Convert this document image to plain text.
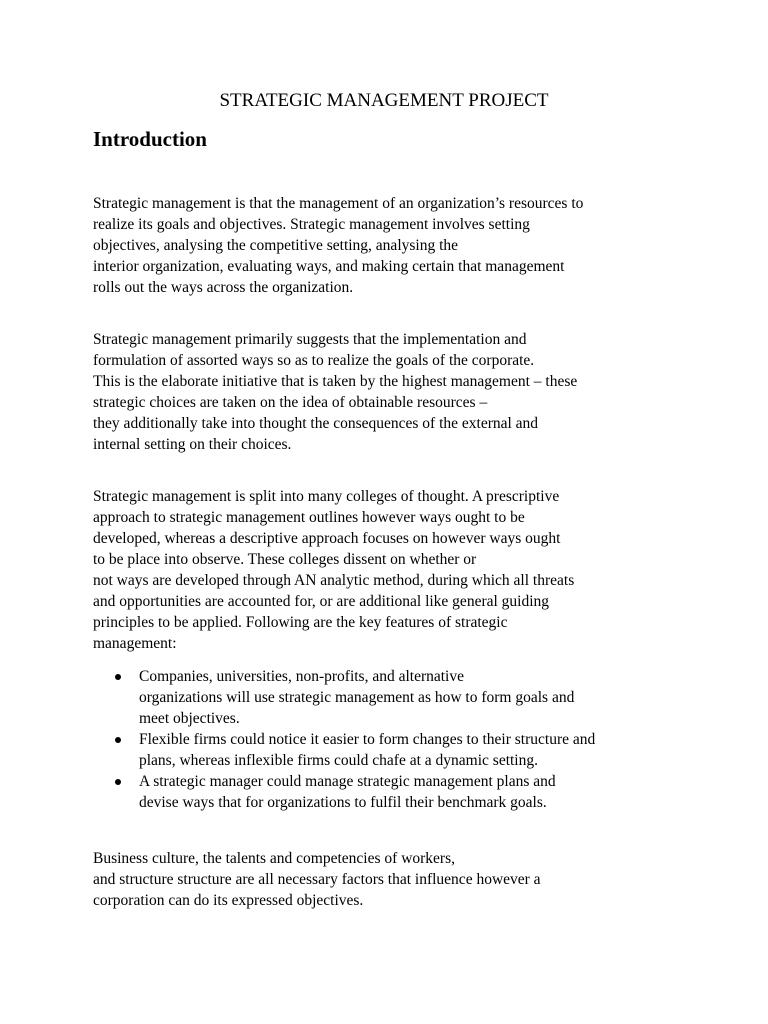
STRATEGIC MANAGEMENT PROJECT
Introduction
Strategic management is that the management of an organization’s resources to
realize its goals and objectives. Strategic management involves setting
objectives, analysing the competitive setting, analysing the
interior organization, evaluating ways, and making certain that management
rolls out the ways across the organization.
Strategic management primarily suggests that the implementation and
formulation of assorted ways so as to realize the goals of the corporate.
This is the elaborate initiative that is taken by the highest management – these
strategic choices are taken on the idea of obtainable resources –
they additionally take into thought the consequences of the external and
internal setting on their choices.
Strategic management is split into many colleges of thought. A prescriptive
approach to strategic management outlines however ways ought to be
developed, whereas a descriptive approach focuses on however ways ought
to be place into observe. These colleges dissent on whether or
not ways are developed through AN analytic method, during which all threats
and opportunities are accounted for, or are additional like general guiding
principles to be applied. Following are the key features of strategic
management:
Companies, universities, non-profits, and alternative
organizations will use strategic management as how to form goals and
meet objectives.
Flexible firms could notice it easier to form changes to their structure and
plans, whereas inflexible firms could chafe at a dynamic setting.
A strategic manager could manage strategic management plans and
devise ways that for organizations to fulfil their benchmark goals.
Business culture, the talents and competencies of workers,
and structure structure are all necessary factors that influence however a
corporation can do its expressed objectives.
